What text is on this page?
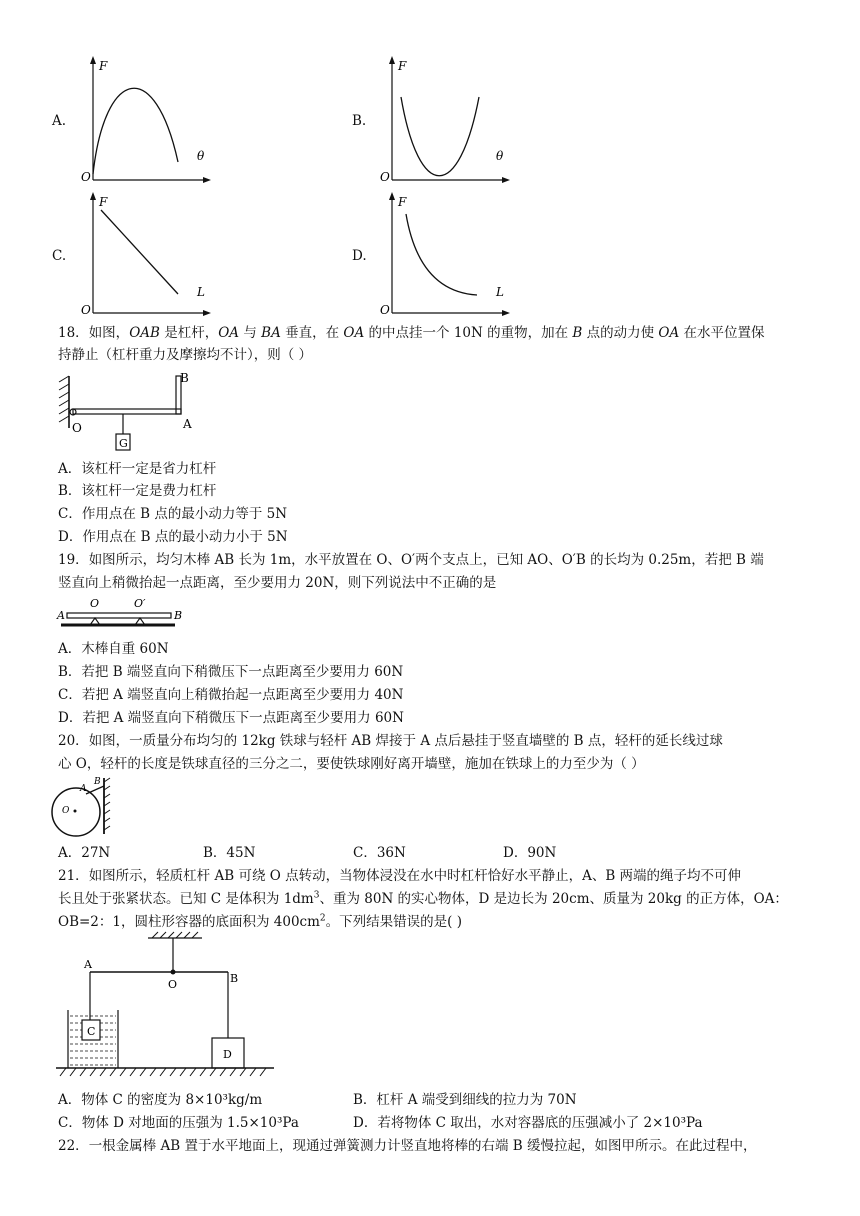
A.
F
θ
O
B.
F
θ
O
C.
F
L
O
D.
F
L
O
18．如图，OAB 是杠杆，OA 与 BA 垂直，在 OA 的中点挂一个 10N 的重物，加在 B 点的动力使 OA 在水平位置保
持静止（杠杆重力及摩擦均不计），则（ ）
G
B
A
O
A．该杠杆一定是省力杠杆
B．该杠杆一定是费力杠杆
C．作用点在 B 点的最小动力等于 5N
D．作用点在 B 点的最小动力小于 5N
19．如图所示，均匀木棒 AB 长为 1m，水平放置在 O、O′两个支点上，已知 AO、O′B 的长均为 0.25m，若把 B 端
竖直向上稍微抬起一点距离，至少要用力 20N，则下列说法中不正确的是
A
O	O′
B
A．木棒自重 60N
B．若把 B 端竖直向下稍微压下一点距离至少要用力 60N
C．若把 A 端竖直向上稍微抬起一点距离至少要用力 40N
D．若把 A 端竖直向下稍微压下一点距离至少要用力 60N
20．如图，一质量分布均匀的 12kg 铁球与轻杆 AB 焊接于 A 点后悬挂于竖直墙壁的 B 点，轻杆的延长线过球
心 O，轻杆的长度是铁球直径的三分之二，要使铁球刚好离开墙壁，施加在铁球上的力至少为（ ）
A
B
O
A．27N	B．45N	C．36N	D．90N
21．如图所示，轻质杠杆 AB 可绕 O 点转动，当物体浸没在水中时杠杆恰好水平静止，A、B 两端的绳子均不可伸
长且处于张紧状态。已知 C 是体积为 $1dm^3$、重为 80N 的实心物体，D 是边长为 20cm、质量为 20kg 的正方体，OA：
OB=2：1，圆柱形容器的底面积为 $400cm^2$。下列结果错误的是( )
A
O	B
C
D
A．物体 C 的密度为 8×10³kg/m	B．杠杆 A 端受到细线的拉力为 70N
C．物体 D 对地面的压强为 1.5×10³Pa	D．若将物体 C 取出，水对容器底的压强减小了 2×10³Pa
22．一根金属棒 AB 置于水平地面上，现通过弹簧测力计竖直地将棒的右端 B 缓慢拉起，如图甲所示。在此过程中，
